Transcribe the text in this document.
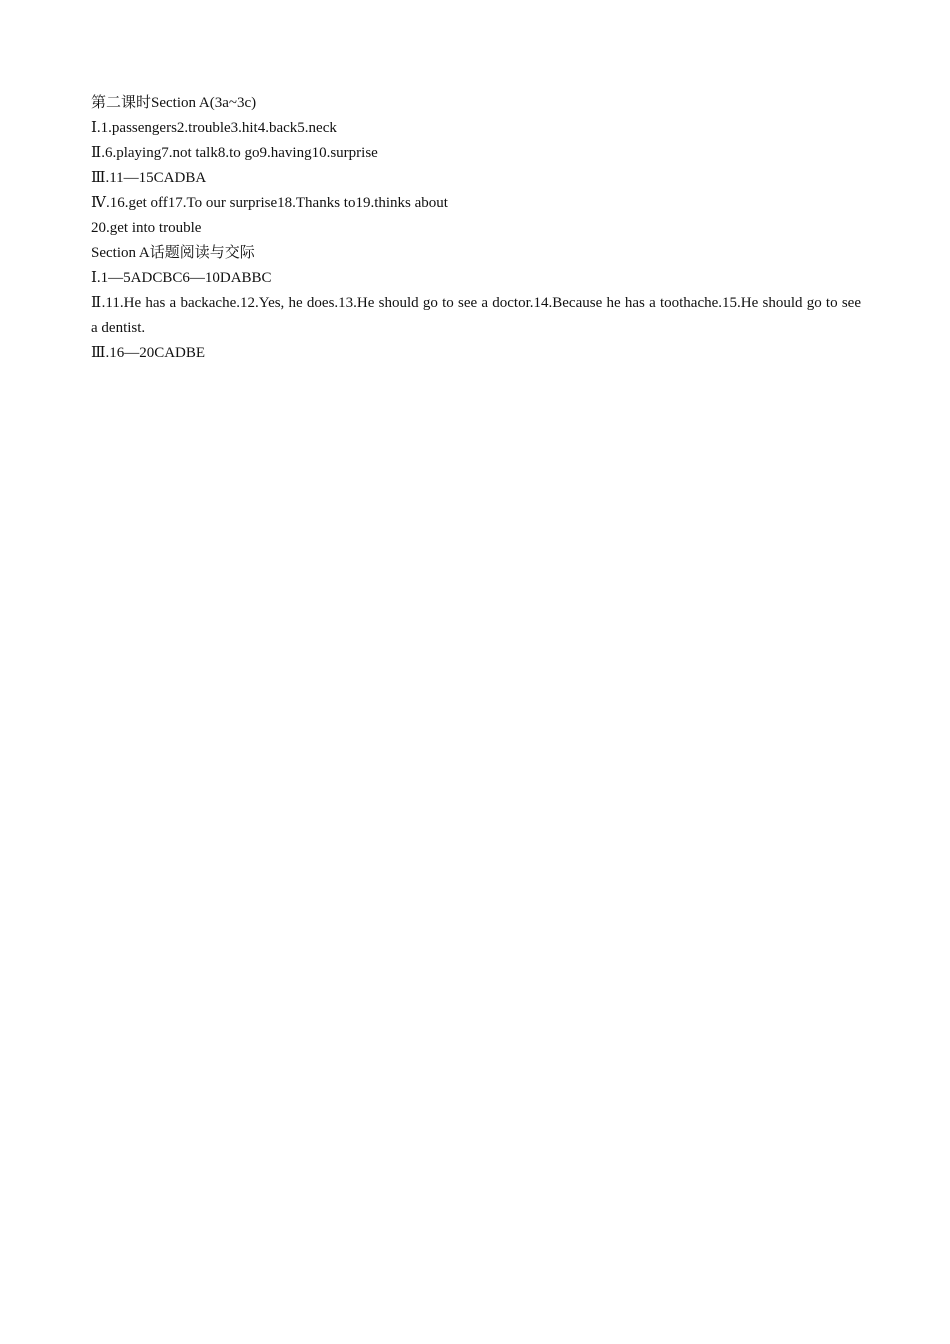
第二课时Section A(3a~3c)

Ⅰ.1.passengers2.trouble3.hit4.back5.neck

Ⅱ.6.playing7.not talk8.to go9.having10.surprise

Ⅲ.11—15CADBA

Ⅳ.16.get off17.To our surprise18.Thanks to19.thinks about

20.get into trouble

Section A话题阅读与交际

Ⅰ.1—5ADCBC6—10DABBC

Ⅱ.11.He has a backache.12.Yes, he does.13.He should go to see a doctor.14.Because he has a toothache.15.He should go to see a dentist.

Ⅲ.16—20CADBE
